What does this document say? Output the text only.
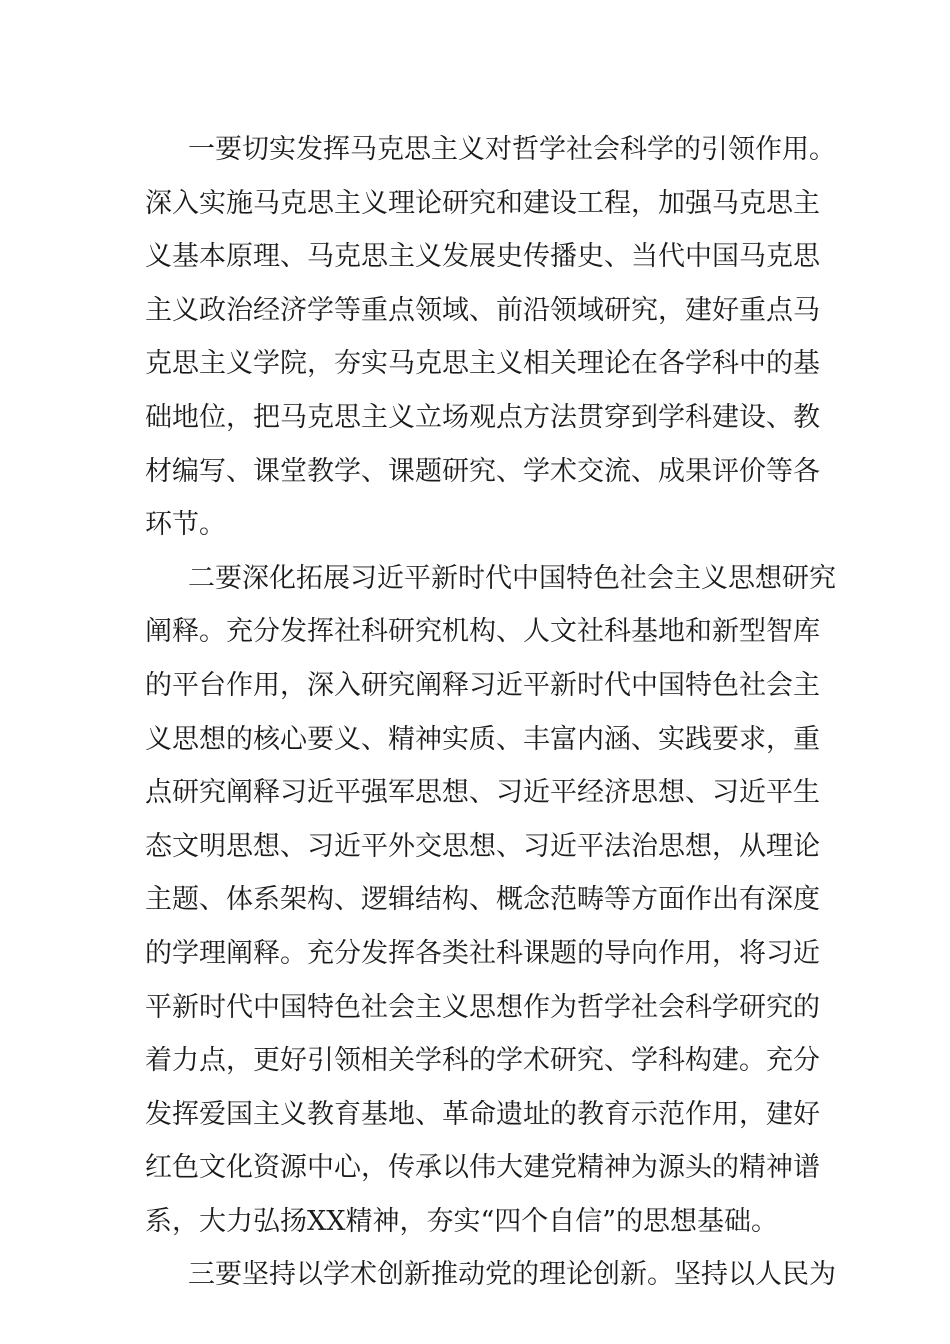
一要切实发挥马克思主义对哲学社会科学的引领作用。
深入实施马克思主义理论研究和建设工程，加强马克思主
义基本原理、马克思主义发展史传播史、当代中国马克思
主义政治经济学等重点领域、前沿领域研究，建好重点马
克思主义学院，夯实马克思主义相关理论在各学科中的基
础地位，把马克思主义立场观点方法贯穿到学科建设、教
材编写、课堂教学、课题研究、学术交流、成果评价等各
环节。
二要深化拓展习近平新时代中国特色社会主义思想研究
阐释。充分发挥社科研究机构、人文社科基地和新型智库
的平台作用，深入研究阐释习近平新时代中国特色社会主
义思想的核心要义、精神实质、丰富内涵、实践要求，重
点研究阐释习近平强军思想、习近平经济思想、习近平生
态文明思想、习近平外交思想、习近平法治思想，从理论
主题、体系架构、逻辑结构、概念范畴等方面作出有深度
的学理阐释。充分发挥各类社科课题的导向作用，将习近
平新时代中国特色社会主义思想作为哲学社会科学研究的
着力点，更好引领相关学科的学术研究、学科构建。充分
发挥爱国主义教育基地、革命遗址的教育示范作用，建好
红色文化资源中心，传承以伟大建党精神为源头的精神谱
系，大力弘扬XX精神，夯实“四个自信”的思想基础。
三要坚持以学术创新推动党的理论创新。坚持以人民为
